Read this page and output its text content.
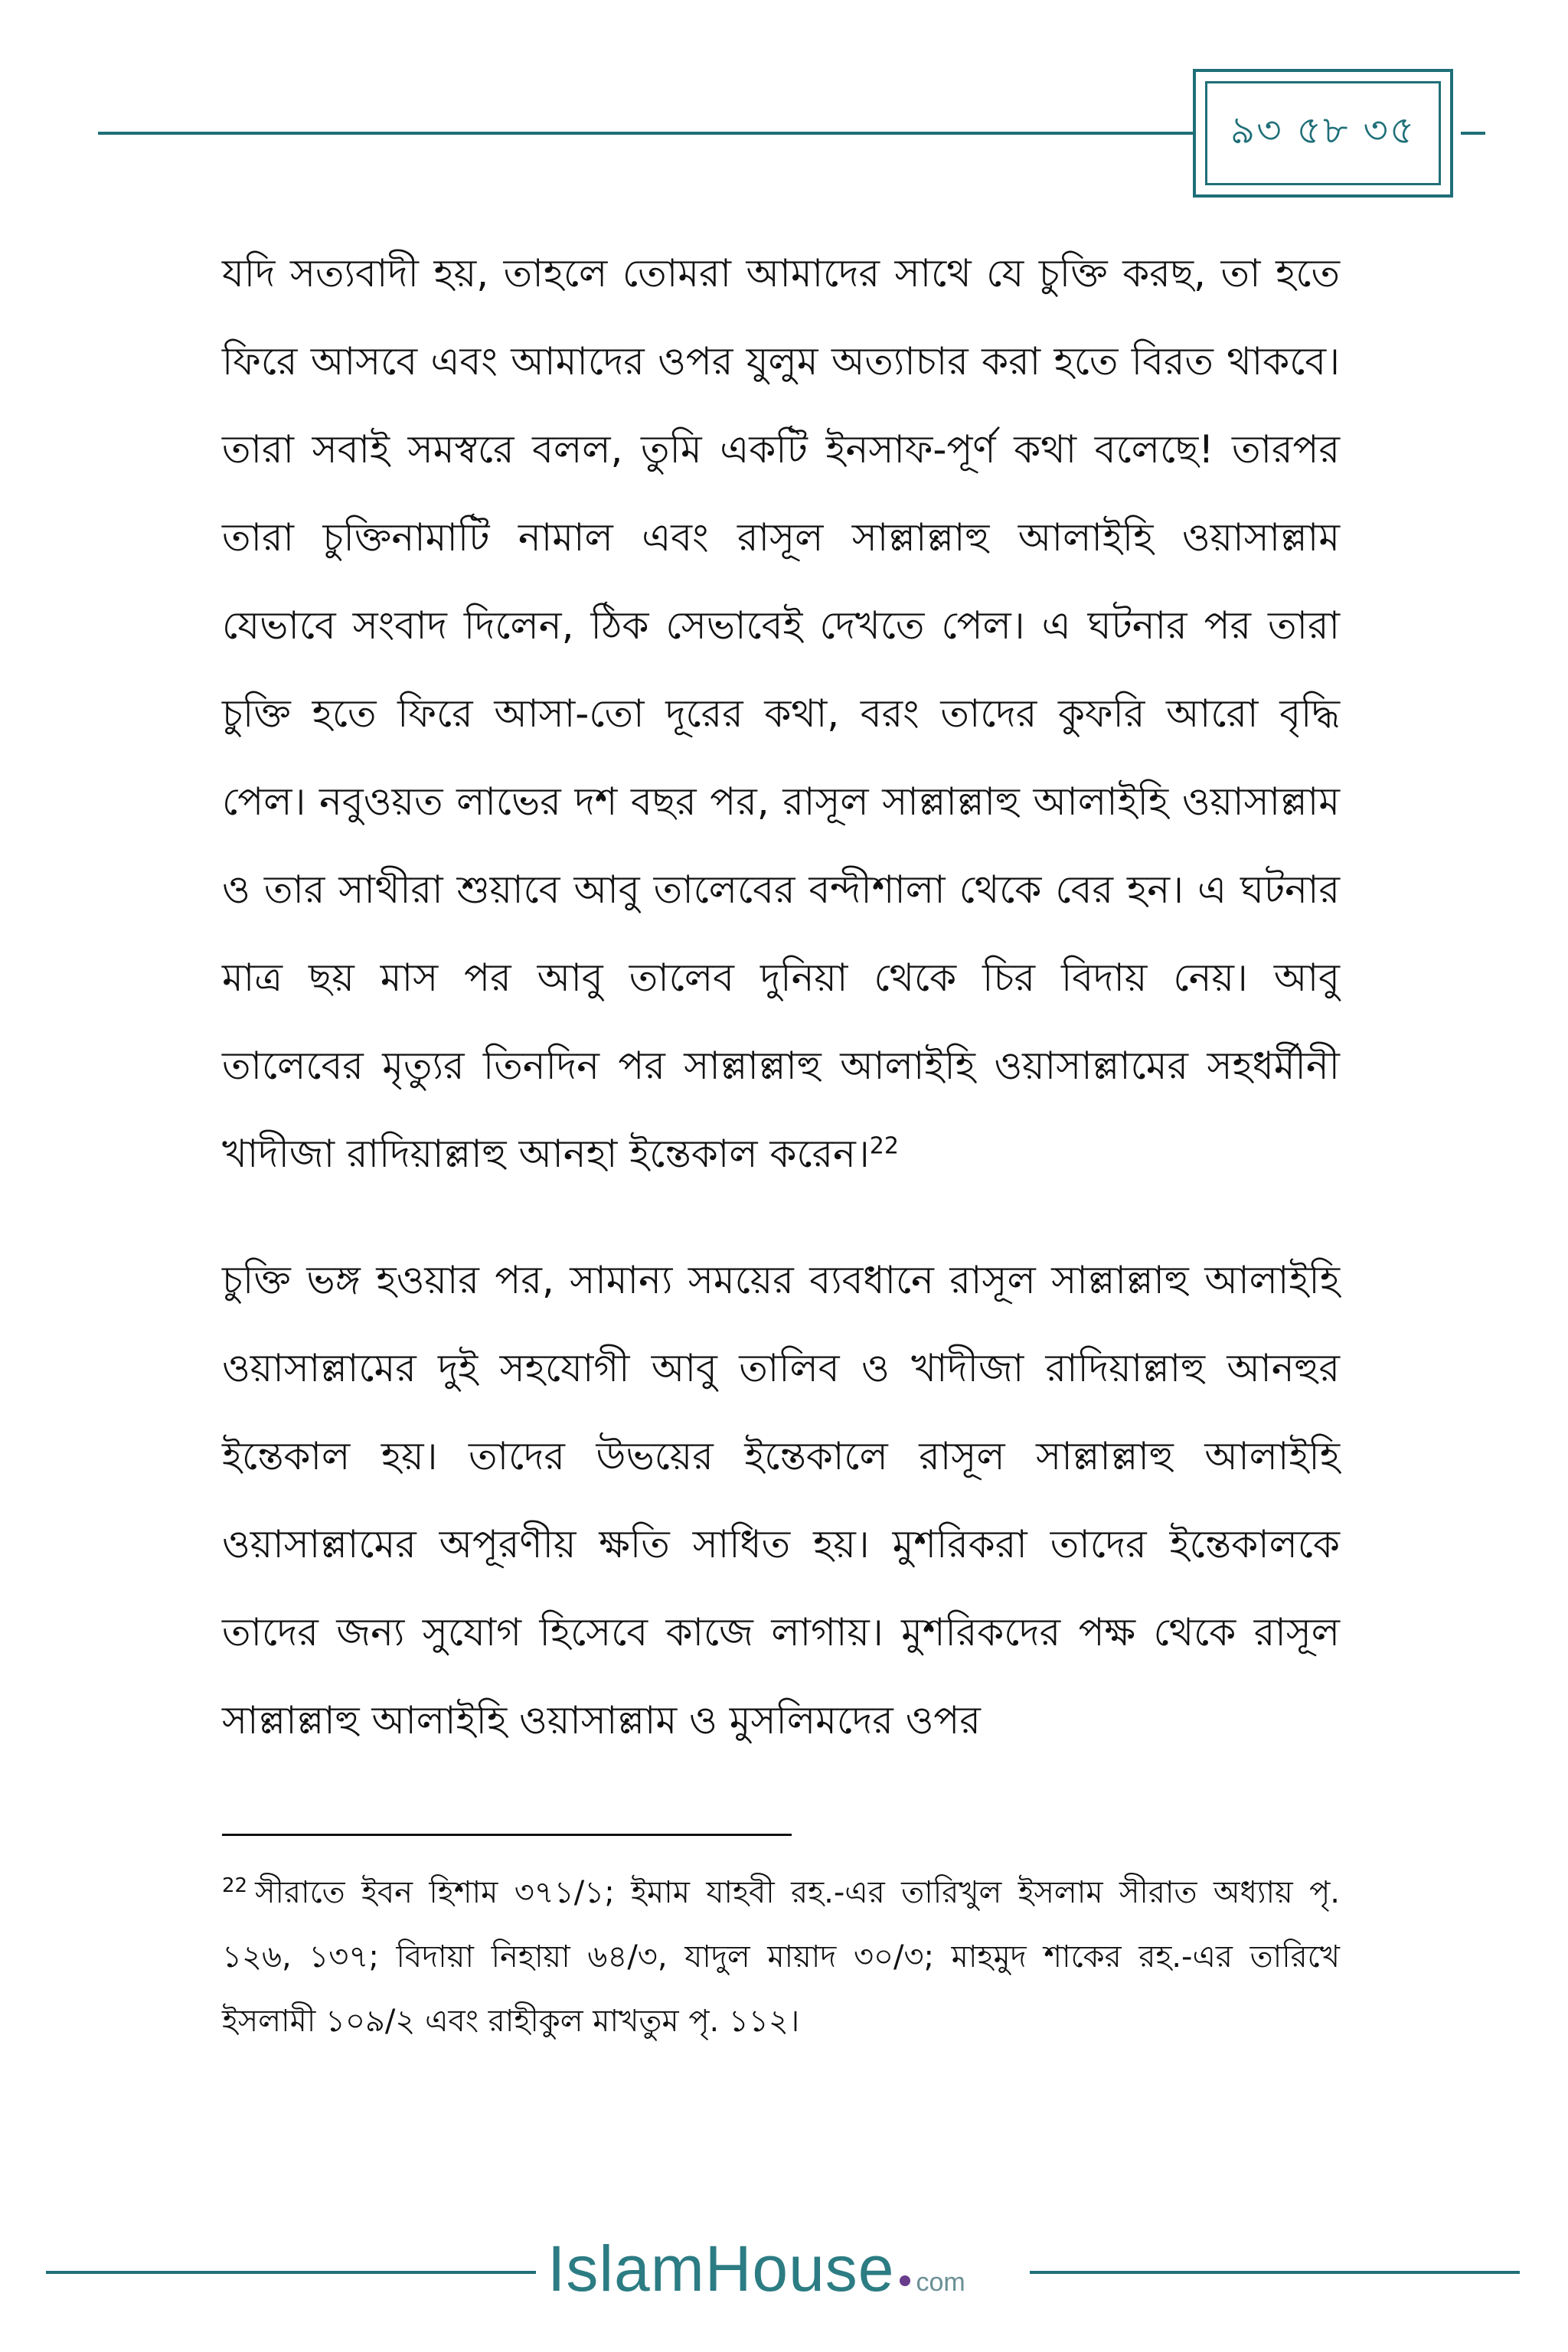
৯৩ ৫৮ ৩৫

যদি সত্যবাদী হয়, তাহলে তোমরা আমাদের সাথে যে চুক্তি করছ, তা হতে ফিরে আসবে এবং আমাদের ওপর যুলুম অত্যাচার করা হতে বিরত থাকবে। তারা সবাই সমস্বরে বলল, তুমি একটি ইনসাফ-পূর্ণ কথা বলেছে! তারপর তারা চুক্তিনামাটি নামাল এবং রাসূল সাল্লাল্লাহু আলাইহি ওয়াসাল্লাম যেভাবে সংবাদ দিলেন, ঠিক সেভাবেই দেখতে পেল। এ ঘটনার পর তারা চুক্তি হতে ফিরে আসা-তো দূরের কথা, বরং তাদের কুফরি আরো বৃদ্ধি পেল। নবুওয়ত লাভের দশ বছর পর, রাসূল সাল্লাল্লাহু আলাইহি ওয়াসাল্লাম ও তার সাথীরা শুয়াবে আবু তালেবের বন্দীশালা থেকে বের হন। এ ঘটনার মাত্র ছয় মাস পর আবু তালেব দুনিয়া থেকে চির বিদায় নেয়। আবু তালেবের মৃত্যুর তিনদিন পর সাল্লাল্লাহু আলাইহি ওয়াসাল্লামের সহধর্মীনী খাদীজা রাদিয়াল্লাহু আনহা ইন্তেকাল করেন।$^{22}$

চুক্তি ভঙ্গ হওয়ার পর, সামান্য সময়ের ব্যবধানে রাসূল সাল্লাল্লাহু আলাইহি ওয়াসাল্লামের দুই সহযোগী আবু তালিব ও খাদীজা রাদিয়াল্লাহু আনহুর ইন্তেকাল হয়। তাদের উভয়ের ইন্তেকালে রাসূল সাল্লাল্লাহু আলাইহি ওয়াসাল্লামের অপূরণীয় ক্ষতি সাধিত হয়। মুশরিকরা তাদের ইন্তেকালকে তাদের জন্য সুযোগ হিসেবে কাজে লাগায়। মুশরিকদের পক্ষ থেকে রাসূল সাল্লাল্লাহু আলাইহি ওয়াসাল্লাম ও মুসলিমদের ওপর

$^{22}$ সীরাতে ইবন হিশাম ৩৭১/১; ইমাম যাহবী রহ.-এর তারিখুল ইসলাম সীরাত অধ্যায় পৃ. ১২৬, ১৩৭; বিদায়া নিহায়া ৬৪/৩, যাদুল মায়াদ ৩০/৩; মাহমুদ শাকের রহ.-এর তারিখে ইসলামী ১০৯/২ এবং রাহীকুল মাখতুম পৃ. ১১২।
IslamHouse com
